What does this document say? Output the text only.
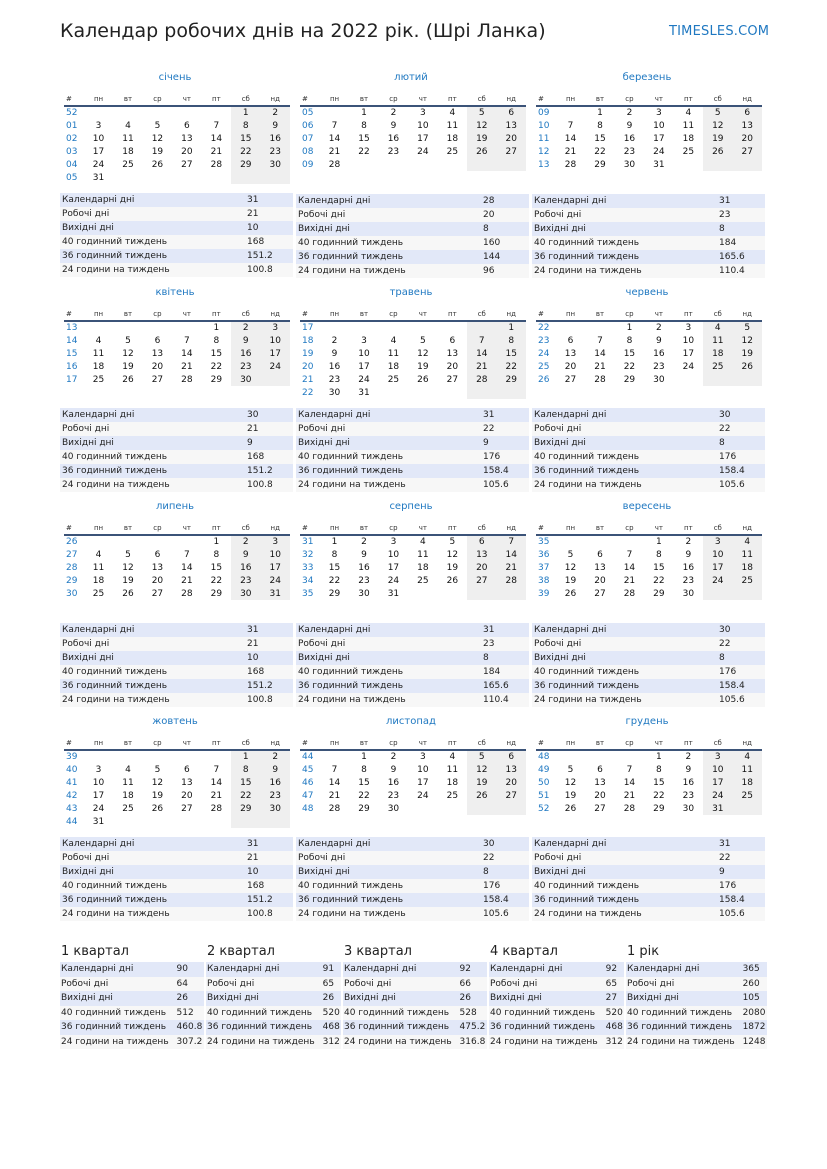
Календар робочих днів на 2022 рік. (Шрі Ланка)	TIMESLES.COM
січень
#	пн	вт	ср	чт	пт	сб	нд
52						1	2
01	3	4	5	6	7	8	9
02	10	11	12	13	14	15	16
03	17	18	19	20	21	22	23
04	24	25	26	27	28	29	30
05	31						
Календарні дні	31
Робочі дні	21
Вихідні дні	10
40 годинний тиждень	168
36 годинний тиждень	151.2
24 години на тиждень	100.8
лютий
#	пн	вт	ср	чт	пт	сб	нд
05		1	2	3	4	5	6
06	7	8	9	10	11	12	13
07	14	15	16	17	18	19	20
08	21	22	23	24	25	26	27
09	28						
Календарні дні	28
Робочі дні	20
Вихідні дні	8
40 годинний тиждень	160
36 годинний тиждень	144
24 години на тиждень	96
березень
#	пн	вт	ср	чт	пт	сб	нд
09		1	2	3	4	5	6
10	7	8	9	10	11	12	13
11	14	15	16	17	18	19	20
12	21	22	23	24	25	26	27
13	28	29	30	31			
Календарні дні	31
Робочі дні	23
Вихідні дні	8
40 годинний тиждень	184
36 годинний тиждень	165.6
24 години на тиждень	110.4
квітень
#	пн	вт	ср	чт	пт	сб	нд
13					1	2	3
14	4	5	6	7	8	9	10
15	11	12	13	14	15	16	17
16	18	19	20	21	22	23	24
17	25	26	27	28	29	30	
Календарні дні	30
Робочі дні	21
Вихідні дні	9
40 годинний тиждень	168
36 годинний тиждень	151.2
24 години на тиждень	100.8
травень
#	пн	вт	ср	чт	пт	сб	нд
17							1
18	2	3	4	5	6	7	8
19	9	10	11	12	13	14	15
20	16	17	18	19	20	21	22
21	23	24	25	26	27	28	29
22	30	31					
Календарні дні	31
Робочі дні	22
Вихідні дні	9
40 годинний тиждень	176
36 годинний тиждень	158.4
24 години на тиждень	105.6
червень
#	пн	вт	ср	чт	пт	сб	нд
22			1	2	3	4	5
23	6	7	8	9	10	11	12
24	13	14	15	16	17	18	19
25	20	21	22	23	24	25	26
26	27	28	29	30			
Календарні дні	30
Робочі дні	22
Вихідні дні	8
40 годинний тиждень	176
36 годинний тиждень	158.4
24 години на тиждень	105.6
липень
#	пн	вт	ср	чт	пт	сб	нд
26					1	2	3
27	4	5	6	7	8	9	10
28	11	12	13	14	15	16	17
29	18	19	20	21	22	23	24
30	25	26	27	28	29	30	31
Календарні дні	31
Робочі дні	21
Вихідні дні	10
40 годинний тиждень	168
36 годинний тиждень	151.2
24 години на тиждень	100.8
серпень
#	пн	вт	ср	чт	пт	сб	нд
31	1	2	3	4	5	6	7
32	8	9	10	11	12	13	14
33	15	16	17	18	19	20	21
34	22	23	24	25	26	27	28
35	29	30	31				
Календарні дні	31
Робочі дні	23
Вихідні дні	8
40 годинний тиждень	184
36 годинний тиждень	165.6
24 години на тиждень	110.4
вересень
#	пн	вт	ср	чт	пт	сб	нд
35				1	2	3	4
36	5	6	7	8	9	10	11
37	12	13	14	15	16	17	18
38	19	20	21	22	23	24	25
39	26	27	28	29	30		
Календарні дні	30
Робочі дні	22
Вихідні дні	8
40 годинний тиждень	176
36 годинний тиждень	158.4
24 години на тиждень	105.6
жовтень
#	пн	вт	ср	чт	пт	сб	нд
39						1	2
40	3	4	5	6	7	8	9
41	10	11	12	13	14	15	16
42	17	18	19	20	21	22	23
43	24	25	26	27	28	29	30
44	31						
Календарні дні	31
Робочі дні	21
Вихідні дні	10
40 годинний тиждень	168
36 годинний тиждень	151.2
24 години на тиждень	100.8
листопад
#	пн	вт	ср	чт	пт	сб	нд
44		1	2	3	4	5	6
45	7	8	9	10	11	12	13
46	14	15	16	17	18	19	20
47	21	22	23	24	25	26	27
48	28	29	30				
Календарні дні	30
Робочі дні	22
Вихідні дні	8
40 годинний тиждень	176
36 годинний тиждень	158.4
24 години на тиждень	105.6
грудень
#	пн	вт	ср	чт	пт	сб	нд
48				1	2	3	4
49	5	6	7	8	9	10	11
50	12	13	14	15	16	17	18
51	19	20	21	22	23	24	25
52	26	27	28	29	30	31	
Календарні дні	31
Робочі дні	22
Вихідні дні	9
40 годинний тиждень	176
36 годинний тиждень	158.4
24 години на тиждень	105.6
1 квартал
Календарні дні	90
Робочі дні	64
Вихідні дні	26
40 годинний тиждень	512
36 годинний тиждень	460.8
24 години на тиждень	307.2
2 квартал
Календарні дні	91
Робочі дні	65
Вихідні дні	26
40 годинний тиждень	520
36 годинний тиждень	468
24 години на тиждень	312
3 квартал
Календарні дні	92
Робочі дні	66
Вихідні дні	26
40 годинний тиждень	528
36 годинний тиждень	475.2
24 години на тиждень	316.8
4 квартал
Календарні дні	92
Робочі дні	65
Вихідні дні	27
40 годинний тиждень	520
36 годинний тиждень	468
24 години на тиждень	312
1 рік
Календарні дні	365
Робочі дні	260
Вихідні дні	105
40 годинний тиждень	2080
36 годинний тиждень	1872
24 години на тиждень	1248
